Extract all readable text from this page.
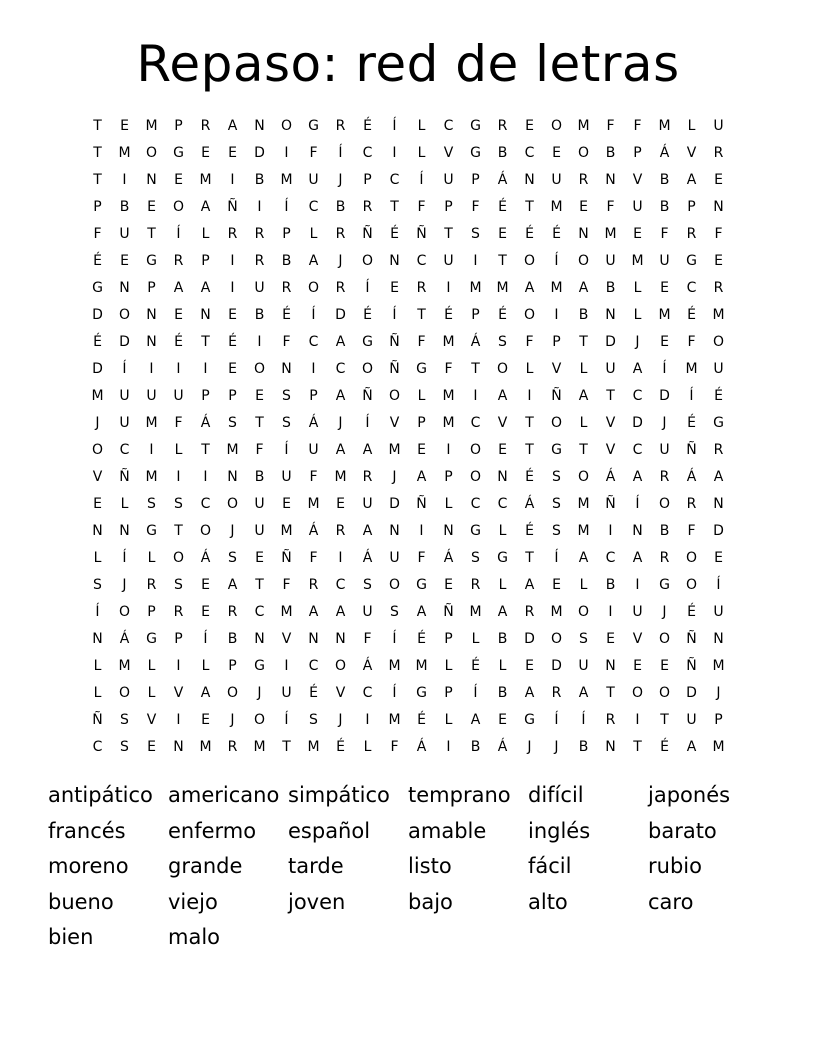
Repaso: red de letras
T	E	M	P	R	A	N	O	G	R	É	Í	L	C	G	R	E	O	M	F	F	M	L	U
T	M	O	G	E	E	D	I	F	Í	C	I	L	V	G	B	C	E	O	B	P	Á	V	R
T	I	N	E	M	I	B	M	U	J	P	C	Í	U	P	Á	N	U	R	N	V	B	A	E
P	B	E	O	A	Ñ	I	Í	C	B	R	T	F	P	F	É	T	M	E	F	U	B	P	N
F	U	T	Í	L	R	R	P	L	R	Ñ	É	Ñ	T	S	E	É	É	N	M	E	F	R	F
É	E	G	R	P	I	R	B	A	J	O	N	C	U	I	T	O	Í	O	U	M	U	G	E
G	N	P	A	A	I	U	R	O	R	Í	E	R	I	M	M	A	M	A	B	L	E	C	R
D	O	N	E	N	E	B	É	Í	D	É	Í	T	É	P	É	O	I	B	N	L	M	É	M
É	D	N	É	T	É	I	F	C	A	G	Ñ	F	M	Á	S	F	P	T	D	J	E	F	O
D	Í	I	I	I	E	O	N	I	C	O	Ñ	G	F	T	O	L	V	L	U	A	Í	M	U
M	U	U	U	P	P	E	S	P	A	Ñ	O	L	M	I	A	I	Ñ	A	T	C	D	Í	É
J	U	M	F	Á	S	T	S	Á	J	Í	V	P	M	C	V	T	O	L	V	D	J	É	G
O	C	I	L	T	M	F	Í	U	A	A	M	E	I	O	E	T	G	T	V	C	U	Ñ	R
V	Ñ	M	I	I	N	B	U	F	M	R	J	A	P	O	N	É	S	O	Á	A	R	Á	A
E	L	S	S	C	O	U	E	M	E	U	D	Ñ	L	C	C	Á	S	M	Ñ	Í	O	R	N
N	N	G	T	O	J	U	M	Á	R	A	N	I	N	G	L	É	S	M	I	N	B	F	D
L	Í	L	O	Á	S	E	Ñ	F	I	Á	U	F	Á	S	G	T	Í	A	C	A	R	O	E
S	J	R	S	E	A	T	F	R	C	S	O	G	E	R	L	A	E	L	B	I	G	O	Í
Í	O	P	R	E	R	C	M	A	A	U	S	A	Ñ	M	A	R	M	O	I	U	J	É	U
N	Á	G	P	Í	B	N	V	N	N	F	Í	É	P	L	B	D	O	S	E	V	O	Ñ	N
L	M	L	I	L	P	G	I	C	O	Á	M	M	L	É	L	E	D	U	N	E	E	Ñ	M
L	O	L	V	A	O	J	U	É	V	C	Í	G	P	Í	B	A	R	A	T	O	O	D	J
Ñ	S	V	I	E	J	O	Í	S	J	I	M	É	L	A	E	G	Í	Í	R	I	T	U	P
C	S	E	N	M	R	M	T	M	É	L	F	Á	I	B	Á	J	J	B	N	T	É	A	M
antipático americano simpático temprano difícil	japonés
francés	enfermo	español	amable	inglés	barato
moreno	grande	tarde	listo	fácil	rubio
bueno	viejo	joven	bajo	alto	caro
bien	malo
